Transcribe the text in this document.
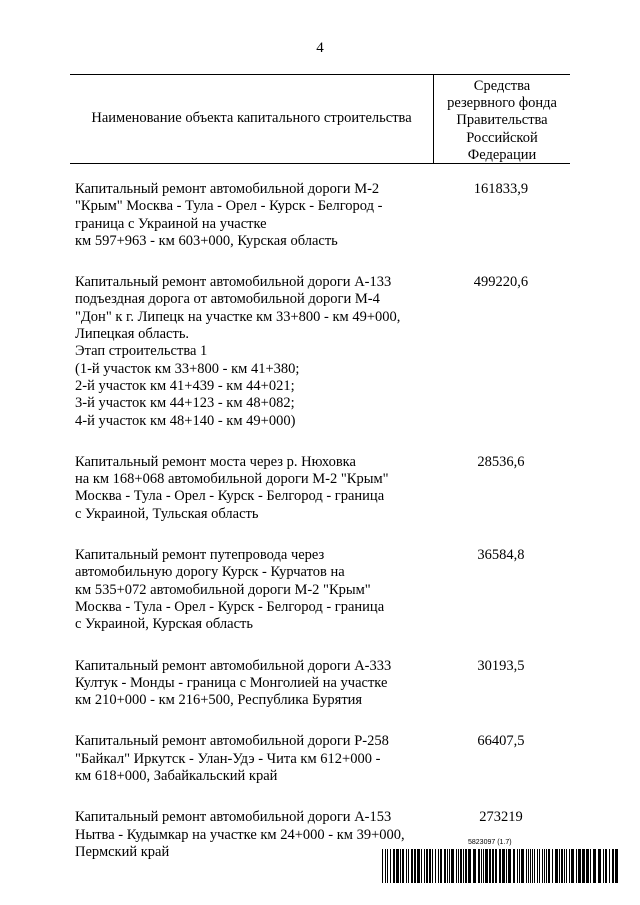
4
Наименование объекта капитального строительства
Средства
резервного фонда
Правительства
Российской
Федерации
Капитальный ремонт автомобильной дороги М-2
"Крым" Москва - Тула - Орел - Курск - Белгород -
граница с Украиной на участке
км 597+963 - км 603+000, Курская область
161833,9
Капитальный ремонт автомобильной дороги А-133
подъездная дорога от автомобильной дороги М-4
"Дон" к г. Липецк на участке км 33+800 - км 49+000,
Липецкая область.
Этап строительства 1
(1-й участок км 33+800 - км 41+380;
2-й участок км 41+439 - км 44+021;
3-й участок км 44+123 - км 48+082;
4-й участок км 48+140 - км 49+000)
499220,6
Капитальный ремонт моста через р. Нюховка
на км 168+068 автомобильной дороги М-2 "Крым"
Москва - Тула - Орел - Курск - Белгород - граница
с Украиной, Тульская область
28536,6
Капитальный ремонт путепровода через
автомобильную дорогу Курск - Курчатов на
км 535+072 автомобильной дороги М-2 "Крым"
Москва - Тула - Орел - Курск - Белгород - граница
с Украиной, Курская область
36584,8
Капитальный ремонт автомобильной дороги А-333
Култук - Монды - граница с Монголией на участке
км 210+000 - км 216+500, Республика Бурятия
30193,5
Капитальный ремонт автомобильной дороги Р-258
"Байкал" Иркутск - Улан-Удэ - Чита км 612+000 -
км 618+000, Забайкальский край
66407,5
Капитальный ремонт автомобильной дороги А-153
Нытва - Кудымкар на участке км 24+000 - км 39+000,
Пермский край
273219
5823097 (1.7)
